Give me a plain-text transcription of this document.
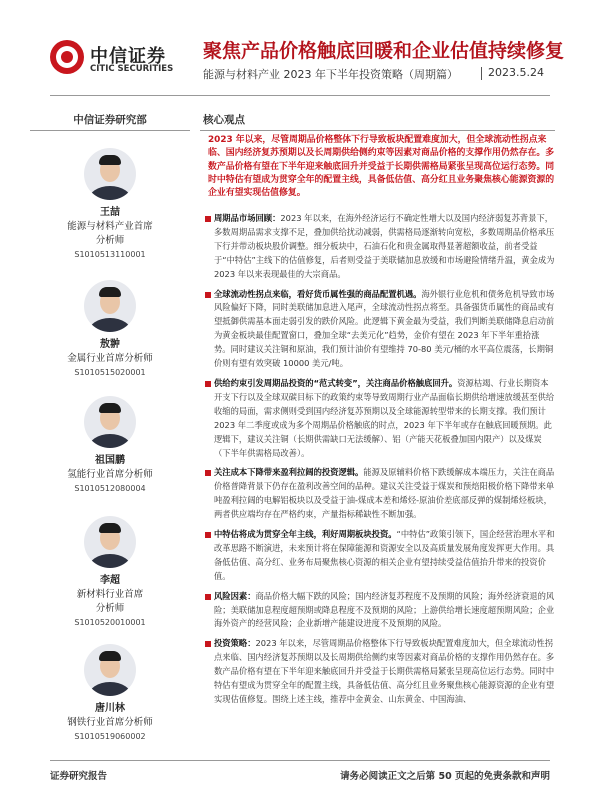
中信证券
CITIC SECURITIES
聚焦产品价格触底回暖和企业估值持续修复
能源与材料产业 2023 年下半年投资策略（周期篇）	2023.5.24
中信证券研究部
王喆
能源与材料产业首席
分析师
S1010513110001
敖翀
金属行业首席分析师
S1010515020001
祖国鹏
氢能行业首席分析师
S1010512080004
李超
新材料行业首席
分析师
S1010520010001
唐川林
钢铁行业首席分析师
S1010519060002
核心观点
2023 年以来，尽管周期品价格整体下行导致板块配置难度加大，但全球流动性拐点来临、国内经济复苏预期以及长周期供给侧约束等因素对商品价格的支撑作用仍然存在。多数产品价格有望在下半年迎来触底回升并受益于长期供需格局紧张呈现高位运行态势。同时中特估有望成为贯穿全年的配置主线，具备低估值、高分红且业务聚焦核心能源资源的企业有望实现估值修复。
周期品市场回顾：2023 年以来，在海外经济运行不确定性增大以及国内经济弱复苏背景下，多数周期品需求支撑不足，叠加供给扰动减弱，供需格局逐渐转向宽松，多数周期品价格承压下行并带动板块股价调整。细分板块中，石油石化和贵金属取得显著超额收益，前者受益于“中特估”主线下的估值修复，后者则受益于美联储加息放缓和市场避险情绪升温，黄金成为 2023 年以来表现最佳的大宗商品。
全球流动性拐点来临，看好货币属性强的商品配置机遇。海外银行业危机和债务危机导致市场风险偏好下降，同时美联储加息进入尾声，全球流动性拐点将至。具备强货币属性的商品或有望抵御供需基本面走弱引发的跌价风险。此逻辑下黄金最为受益，我们判断美联储降息启动前为黄金板块最佳配置窗口，叠加全球“去美元化”趋势，金价有望在 2023 年下半年重拾涨势。同时建议关注铜和原油，我们预计油价有望维持 70-80 美元/桶的水平高位震荡，长期铜价则有望有效突破 10000 美元/吨。
供给约束引发周期品投资的“范式转变”，关注商品价格触底回升。资源枯竭、行业长期资本开支下行以及全球双碳目标下的政策约束等导致周期行业产品面临长期供给增速放缓甚至供给收缩的局面，需求侧则受到国内经济复苏预期以及全球能源转型带来的长期支撑。我们预计 2023 年二季度或成为多个周期品价格触底的时点，2023 年下半年或存在触底回暖预期。此逻辑下，建议关注铜（长期供需缺口无法缓解）、铝（产能天花板叠加国内限产）以及煤炭（下半年供需格局改善）。
关注成本下降带来盈利拉阔的投资逻辑。能源及原辅料价格下跌缓解成本端压力，关注在商品价格普降背景下仍存在盈利改善空间的品种。建议关注受益于煤炭和预焙阳极价格下降带来单吨盈利拉阔的电解铝板块以及受益于油-煤成本差和烯烃-原油价差底部反弹的煤制烯烃板块，两者供应端均存在严格约束，产量指标稀缺性不断加强。
中特估将成为贯穿全年主线，利好周期板块投资。“中特估”政策引领下，国企经营治理水平和改革思路不断演进，未来预计将在保障能源和资源安全以及高质量发展角度发挥更大作用。具备低估值、高分红、业务布局聚焦核心资源的相关企业有望持续受益估值抬升带来的投资价值。
风险因素：商品价格大幅下跌的风险；国内经济复苏程度不及预期的风险；海外经济衰退的风险；美联储加息程度超预期或降息程度不及预期的风险；上游供给增长速度超预期风险；企业海外资产的经营风险；企业新增产能建设进度不及预期的风险。
投资策略：2023 年以来，尽管周期品价格整体下行导致板块配置难度加大，但全球流动性拐点来临、国内经济复苏预期以及长周期供给侧约束等因素对商品价格的支撑作用仍然存在。多数产品价格有望在下半年迎来触底回升并受益于长期供需格局紧张呈现高位运行态势。同时中特估有望成为贯穿全年的配置主线，具备低估值、高分红且业务聚焦核心能源资源的企业有望实现估值修复。围绕上述主线，推荐中金黄金、山东黄金、中国海油、
证券研究报告	请务必阅读正文之后第 50 页起的免责条款和声明
